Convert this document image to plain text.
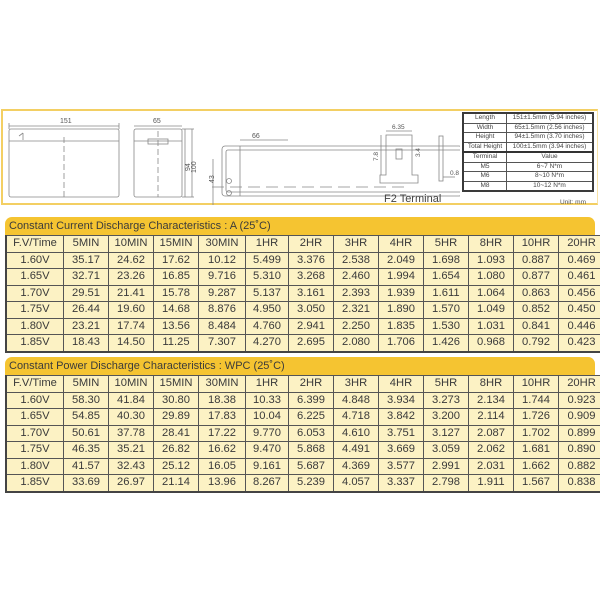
151	65
66
94 100
43
6.35
7.8	3.4
0.8
F2 Terminal
Length	151±1.5mm (5.94 inches)
Width	65±1.5mm (2.56 inches)
Height	94±1.5mm (3.70 inches)
Total Height	100±1.5mm (3.94 inches)
Terminal	Value
M5	6~7 N*m
M6	8~10 N*m
M8	10~12 N*m
Unit: mm
Constant Current Discharge Characteristics : A (25˚C)
F.V/Time	5MIN	10MIN	15MIN	30MIN	1HR	2HR	3HR	4HR	5HR	8HR	10HR	20HR
1.60V	35.17	24.62	17.62	10.12	5.499	3.376	2.538	2.049	1.698	1.093	0.887	0.469
1.65V	32.71	23.26	16.85	9.716	5.310	3.268	2.460	1.994	1.654	1.080	0.877	0.461
1.70V	29.51	21.41	15.78	9.287	5.137	3.161	2.393	1.939	1.611	1.064	0.863	0.456
1.75V	26.44	19.60	14.68	8.876	4.950	3.050	2.321	1.890	1.570	1.049	0.852	0.450
1.80V	23.21	17.74	13.56	8.484	4.760	2.941	2.250	1.835	1.530	1.031	0.841	0.446
1.85V	18.43	14.50	11.25	7.307	4.270	2.695	2.080	1.706	1.426	0.968	0.792	0.423
Constant Power Discharge Characteristics : WPC (25˚C)
F.V/Time	5MIN	10MIN	15MIN	30MIN	1HR	2HR	3HR	4HR	5HR	8HR	10HR	20HR
1.60V	58.30	41.84	30.80	18.38	10.33	6.399	4.848	3.934	3.273	2.134	1.744	0.923
1.65V	54.85	40.30	29.89	17.83	10.04	6.225	4.718	3.842	3.200	2.114	1.726	0.909
1.70V	50.61	37.78	28.41	17.22	9.770	6.053	4.610	3.751	3.127	2.087	1.702	0.899
1.75V	46.35	35.21	26.82	16.62	9.470	5.868	4.491	3.669	3.059	2.062	1.681	0.890
1.80V	41.57	32.43	25.12	16.05	9.161	5.687	4.369	3.577	2.991	2.031	1.662	0.882
1.85V	33.69	26.97	21.14	13.96	8.267	5.239	4.057	3.337	2.798	1.911	1.567	0.838
